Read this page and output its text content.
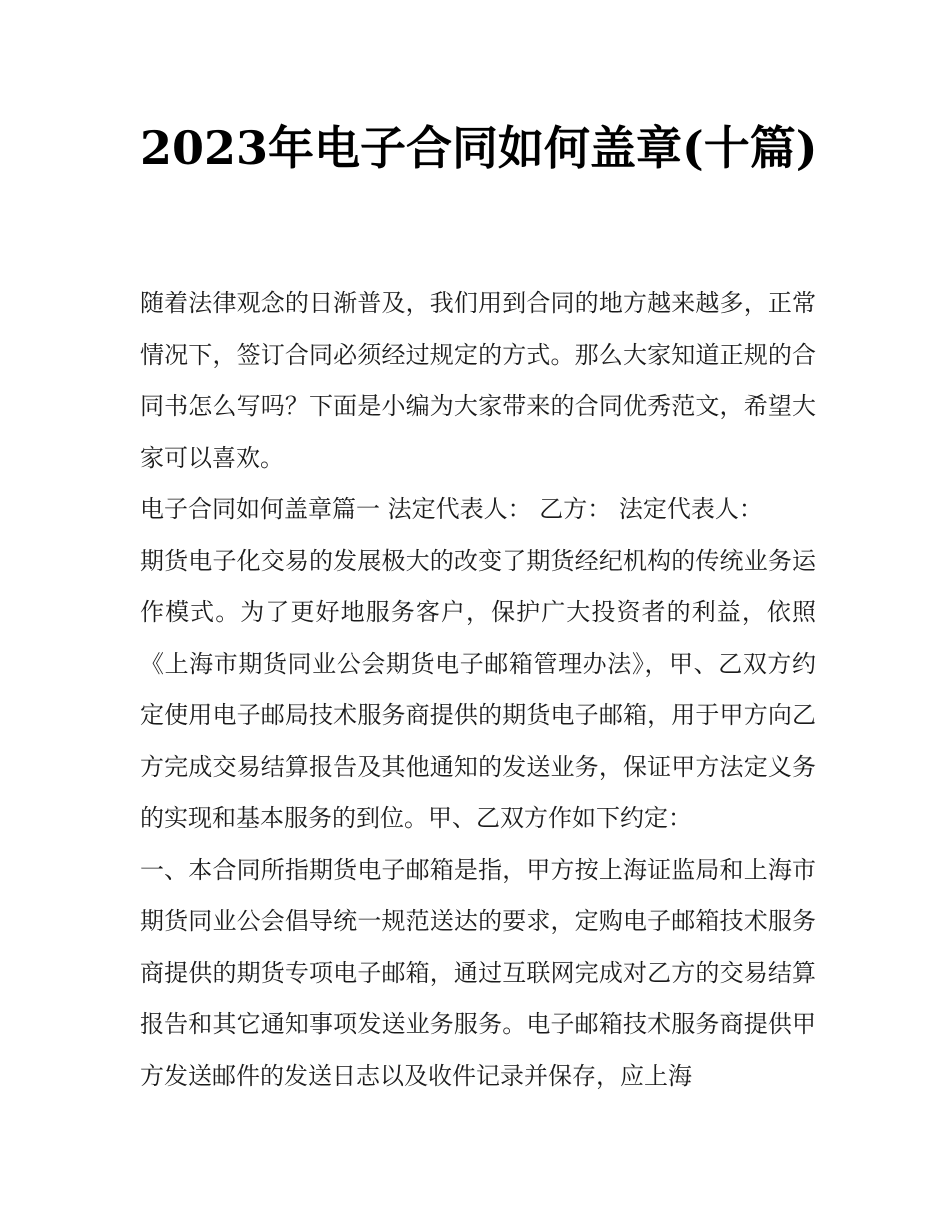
2023年电子合同如何盖章(十篇)

随着法律观念的日渐普及，我们用到合同的地方越来越多，正常情况下，签订合同必须经过规定的方式。那么大家知道正规的合同书怎么写吗？下面是小编为大家带来的合同优秀范文，希望大家可以喜欢。

电子合同如何盖章篇一 法定代表人： 乙方： 法定代表人：

期货电子化交易的发展极大的改变了期货经纪机构的传统业务运作模式。为了更好地服务客户，保护广大投资者的利益，依照《上海市期货同业公会期货电子邮箱管理办法》，甲、乙双方约定使用电子邮局技术服务商提供的期货电子邮箱，用于甲方向乙方完成交易结算报告及其他通知的发送业务，保证甲方法定义务的实现和基本服务的到位。甲、乙双方作如下约定：

一、本合同所指期货电子邮箱是指，甲方按上海证监局和上海市期货同业公会倡导统一规范送达的要求，定购电子邮箱技术服务商提供的期货专项电子邮箱，通过互联网完成对乙方的交易结算报告和其它通知事项发送业务服务。电子邮箱技术服务商提供甲方发送邮件的发送日志以及收件记录并保存，应上海
